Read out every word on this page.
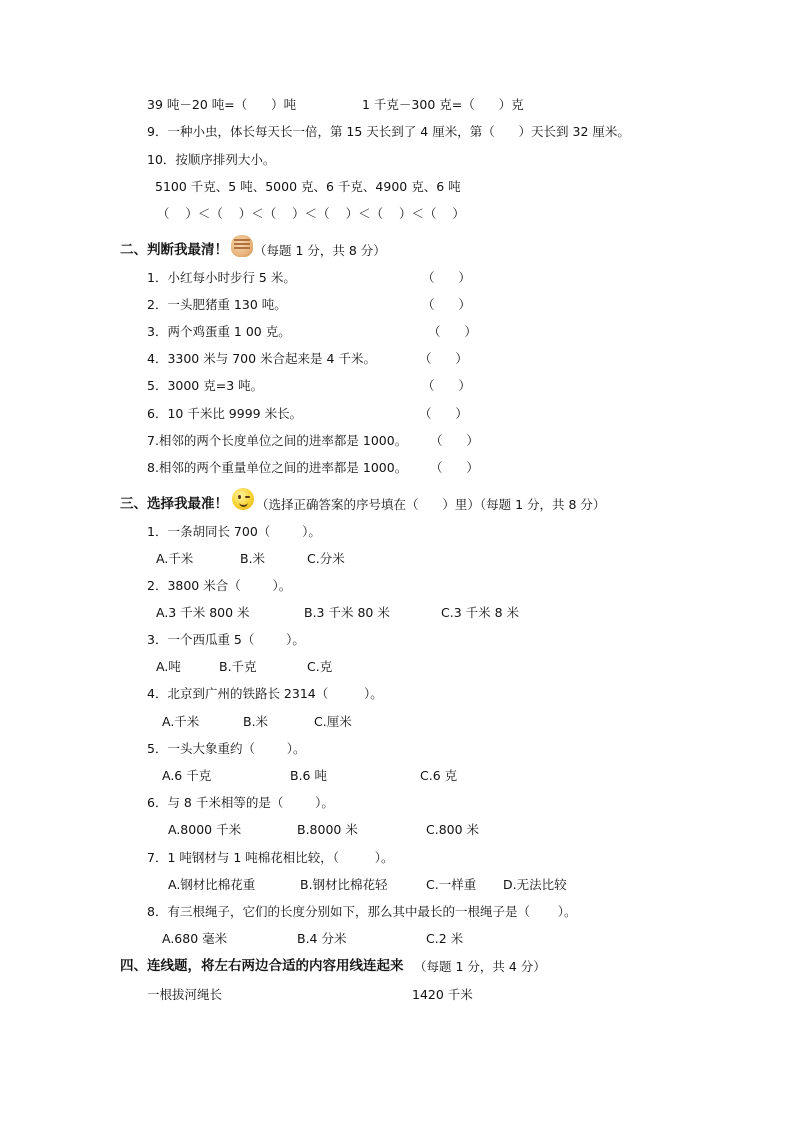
39 吨－20 吨=（      ）吨	1 千克－300 克=（      ）克
9．一种小虫，体长每天长一倍，第 15 天长到了 4 厘米，第（      ）天长到 32 厘米。
10．按顺序排列大小。
5100 千克、5 吨、5000 克、6 千克、4900 克、6 吨
（    ）＜（    ）＜（    ）＜（    ）＜（    ）＜（    ）
二、判断我最清！ （每题 1 分，共 8 分）
1．小红每小时步行 5 米。	（      ）
2．一头肥猪重 130 吨。	（      ）
3．两个鸡蛋重 1 00 克。	（      ）
4．3300 米与 700 米合起来是 4 千米。	（      ）
5．3000 克=3 吨。	（      ）
6．10 千米比 9999 米长。	（      ）
7.相邻的两个长度单位之间的进率都是 1000。 （      ）
8.相邻的两个重量单位之间的进率都是 1000。 （      ）
三、选择我最准！ （选择正确答案的序号填在（      ）里）（每题 1 分，共 8 分）
1．一条胡同长 700（        ）。
A.千米	B.米	C.分米
2．3800 米合（        ）。
A.3 千米 800 米	B.3 千米 80 米	C.3 千米 8 米
3．一个西瓜重 5（        ）。
A.吨	B.千克	C.克
4．北京到广州的铁路长 2314（         ）。
A.千米	B.米	C.厘米
5．一头大象重约（        ）。
A.6 千克	B.6 吨	C.6 克
6．与 8 千米相等的是（        ）。
A.8000 千米	B.8000 米	C.800 米
7．1 吨钢材与 1 吨棉花相比较，（         ）。
A.钢材比棉花重	B.钢材比棉花轻	C.一样重 D.无法比较
8．有三根绳子，它们的长度分别如下，那么其中最长的一根绳子是（       ）。
A.680 毫米	B.4 分米	C.2 米
四、连线题，将左右两边合适的内容用线连起来 （每题 1 分，共 4 分）
一根拔河绳长	1420 千米
